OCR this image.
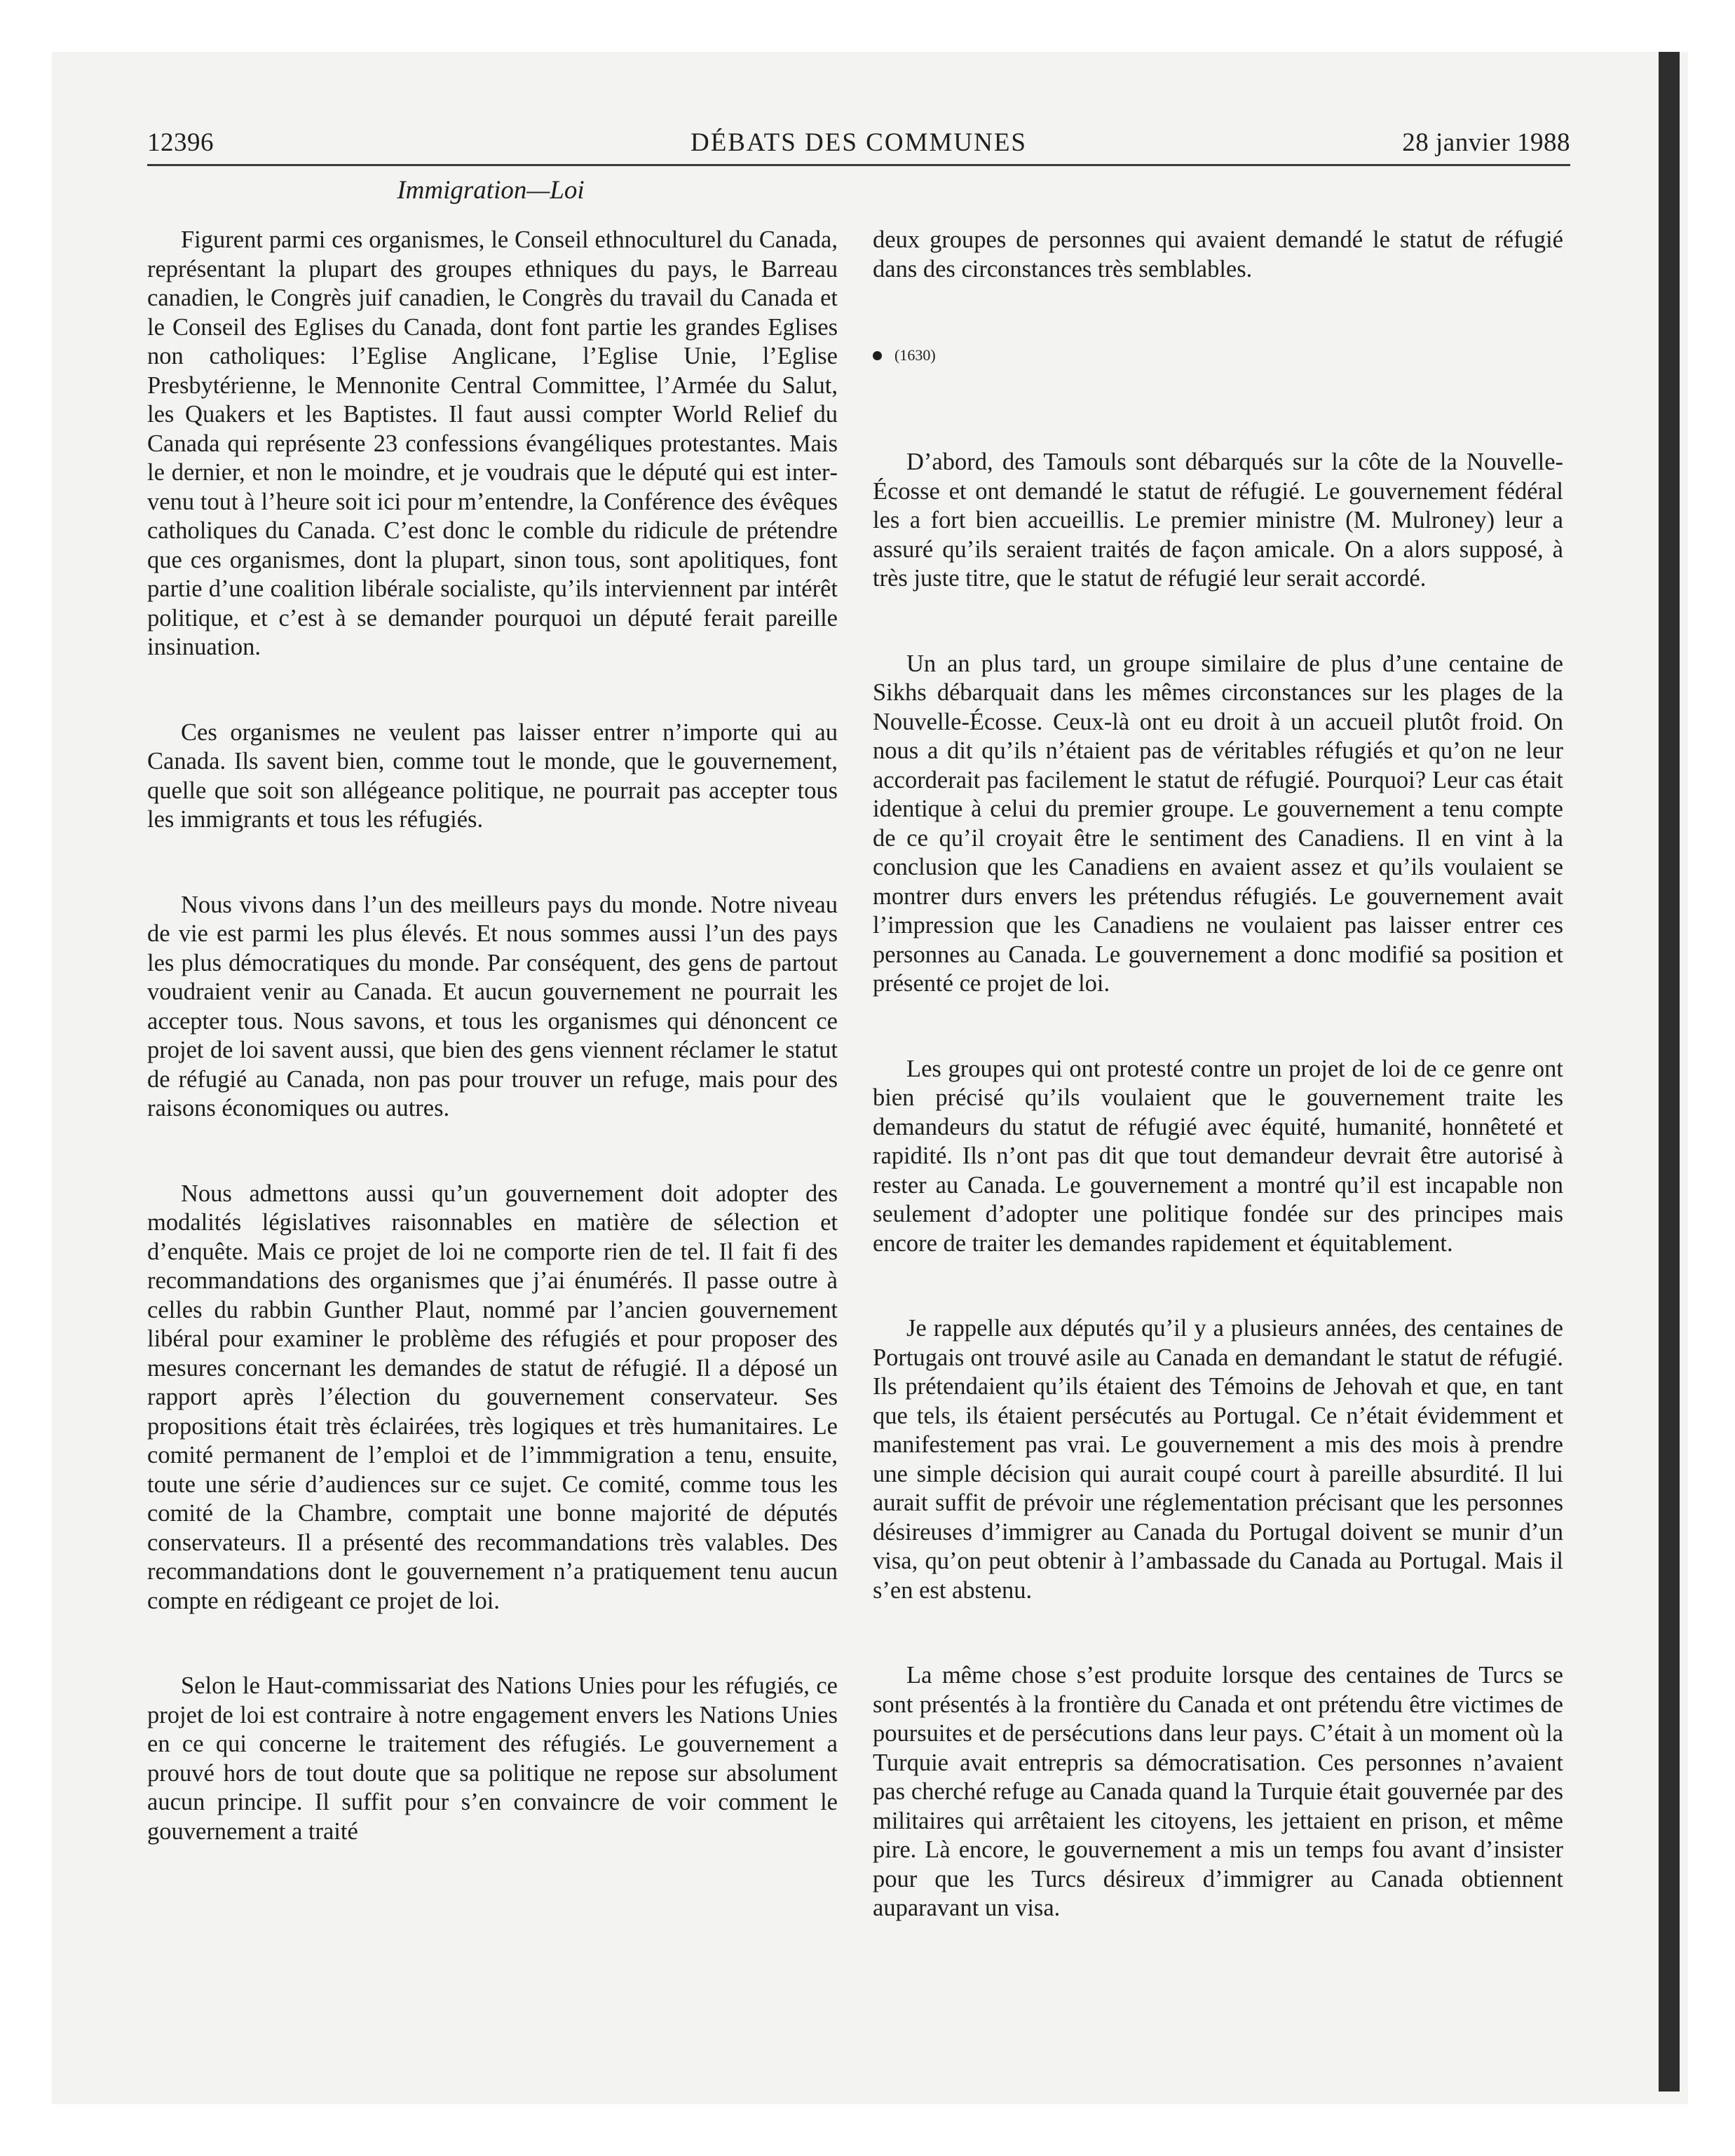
12396	DÉBATS DES COMMUNES	28 janvier 1988
Immigration—Loi

Figurent parmi ces organismes, le Conseil ethnoculturel du Canada, représentant la plupart des groupes ethniques du pays, le Barreau canadien, le Congrès juif canadien, le Congrès du travail du Canada et le Conseil des Eglises du Canada, dont font partie les grandes Eglises non catholiques: l’Eglise Anglicane, l’Eglise Unie, l’Eglise Presbytérienne, le Mennonite Central Committee, l’Armée du Salut, les Quakers et les Baptistes. Il faut aussi compter World Relief du Canada qui représente 23 confessions évangéliques protestantes. Mais le dernier, et non le moindre, et je voudrais que le député qui est intervenu tout à l’heure soit ici pour m’entendre, la Conférence des évêques catholiques du Canada. C’est donc le comble du ridicule de prétendre que ces organismes, dont la plupart, sinon tous, sont apolitiques, font partie d’une coalition libérale socialiste, qu’ils interviennent par intérêt politique, et c’est à se demander pourquoi un député ferait pareille insinuation.

Ces organismes ne veulent pas laisser entrer n’importe qui au Canada. Ils savent bien, comme tout le monde, que le gouvernement, quelle que soit son allégeance politique, ne pourrait pas accepter tous les immigrants et tous les réfugiés.

Nous vivons dans l’un des meilleurs pays du monde. Notre niveau de vie est parmi les plus élevés. Et nous sommes aussi l’un des pays les plus démocratiques du monde. Par conséquent, des gens de partout voudraient venir au Canada. Et aucun gouvernement ne pourrait les accepter tous. Nous savons, et tous les organismes qui dénoncent ce projet de loi savent aussi, que bien des gens viennent réclamer le statut de réfugié au Canada, non pas pour trouver un refuge, mais pour des raisons économiques ou autres.

Nous admettons aussi qu’un gouvernement doit adopter des modalités législatives raisonnables en matière de sélection et d’enquête. Mais ce projet de loi ne comporte rien de tel. Il fait fi des recommandations des organismes que j’ai énumérés. Il passe outre à celles du rabbin Gunther Plaut, nommé par l’ancien gouvernement libéral pour examiner le problème des réfugiés et pour proposer des mesures concernant les demandes de statut de réfugié. Il a déposé un rapport après l’élection du gouvernement conservateur. Ses propositions était très éclairées, très logiques et très humanitaires. Le comité permanent de l’emploi et de l’immmigration a tenu, ensuite, toute une série d’audiences sur ce sujet. Ce comité, comme tous les comité de la Chambre, comptait une bonne majorité de députés conservateurs. Il a présenté des recommandations très valables. Des recommandations dont le gouvernement n’a pratiquement tenu aucun compte en rédigeant ce projet de loi.

Selon le Haut-commissariat des Nations Unies pour les réfugiés, ce projet de loi est contraire à notre engagement envers les Nations Unies en ce qui concerne le traitement des réfugiés. Le gouvernement a prouvé hors de tout doute que sa politique ne repose sur absolument aucun principe. Il suffit pour s’en convaincre de voir comment le gouvernement a traité

deux groupes de personnes qui avaient demandé le statut de réfugié dans des circonstances très semblables.

(1630)

D’abord, des Tamouls sont débarqués sur la côte de la Nouvelle-Écosse et ont demandé le statut de réfugié. Le gouvernement fédéral les a fort bien accueillis. Le premier ministre (M. Mulroney) leur a assuré qu’ils seraient traités de façon amicale. On a alors supposé, à très juste titre, que le statut de réfugié leur serait accordé.

Un an plus tard, un groupe similaire de plus d’une centaine de Sikhs débarquait dans les mêmes circonstances sur les plages de la Nouvelle-Écosse. Ceux-là ont eu droit à un accueil plutôt froid. On nous a dit qu’ils n’étaient pas de véritables réfugiés et qu’on ne leur accorderait pas facilement le statut de réfugié. Pourquoi? Leur cas était identique à celui du premier groupe. Le gouvernement a tenu compte de ce qu’il croyait être le sentiment des Canadiens. Il en vint à la conclusion que les Canadiens en avaient assez et qu’ils voulaient se montrer durs envers les prétendus réfugiés. Le gouvernement avait l’impression que les Canadiens ne voulaient pas laisser entrer ces personnes au Canada. Le gouvernement a donc modifié sa position et présenté ce projet de loi.

Les groupes qui ont protesté contre un projet de loi de ce genre ont bien précisé qu’ils voulaient que le gouvernement traite les demandeurs du statut de réfugié avec équité, humanité, honnêteté et rapidité. Ils n’ont pas dit que tout demandeur devrait être autorisé à rester au Canada. Le gouvernement a montré qu’il est incapable non seulement d’adopter une politique fondée sur des principes mais encore de traiter les demandes rapidement et équitablement.

Je rappelle aux députés qu’il y a plusieurs années, des centaines de Portugais ont trouvé asile au Canada en demandant le statut de réfugié. Ils prétendaient qu’ils étaient des Témoins de Jehovah et que, en tant que tels, ils étaient persécutés au Portugal. Ce n’était évidemment et manifestement pas vrai. Le gouvernement a mis des mois à prendre une simple décision qui aurait coupé court à pareille absurdité. Il lui aurait suffit de prévoir une réglementation précisant que les personnes désireuses d’immigrer au Canada du Portugal doivent se munir d’un visa, qu’on peut obtenir à l’ambassade du Canada au Portugal. Mais il s’en est abstenu.

La même chose s’est produite lorsque des centaines de Turcs se sont présentés à la frontière du Canada et ont prétendu être victimes de poursuites et de persécutions dans leur pays. C’était à un moment où la Turquie avait entrepris sa démocratisation. Ces personnes n’avaient pas cherché refuge au Canada quand la Turquie était gouvernée par des militaires qui arrêtaient les citoyens, les jettaient en prison, et même pire. Là encore, le gouvernement a mis un temps fou avant d’insister pour que les Turcs désireux d’immigrer au Canada obtiennent auparavant un visa.
